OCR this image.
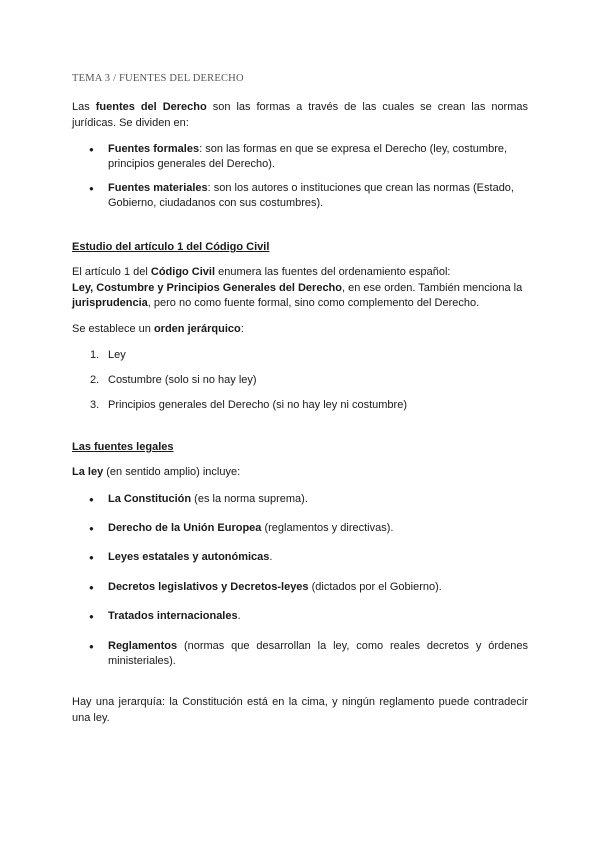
TEMA 3 / FUENTES DEL DERECHO
Las fuentes del Derecho son las formas a través de las cuales se crean las normas jurídicas. Se dividen en:
● Fuentes formales: son las formas en que se expresa el Derecho (ley, costumbre, principios generales del Derecho).
● Fuentes materiales: son los autores o instituciones que crean las normas (Estado, Gobierno, ciudadanos con sus costumbres).
Estudio del artículo 1 del Código Civil
El artículo 1 del Código Civil enumera las fuentes del ordenamiento español:
Ley, Costumbre y Principios Generales del Derecho, en ese orden. También menciona la jurisprudencia, pero no como fuente formal, sino como complemento del Derecho.
Se establece un orden jerárquico:
1. Ley
2. Costumbre (solo si no hay ley)
3. Principios generales del Derecho (si no hay ley ni costumbre)
Las fuentes legales
La ley (en sentido amplio) incluye:
● La Constitución (es la norma suprema).
● Derecho de la Unión Europea (reglamentos y directivas).
● Leyes estatales y autonómicas.
● Decretos legislativos y Decretos-leyes (dictados por el Gobierno).
● Tratados internacionales.
● Reglamentos (normas que desarrollan la ley, como reales decretos y órdenes ministeriales).
Hay una jerarquía: la Constitución está en la cima, y ningún reglamento puede contradecir una ley.
